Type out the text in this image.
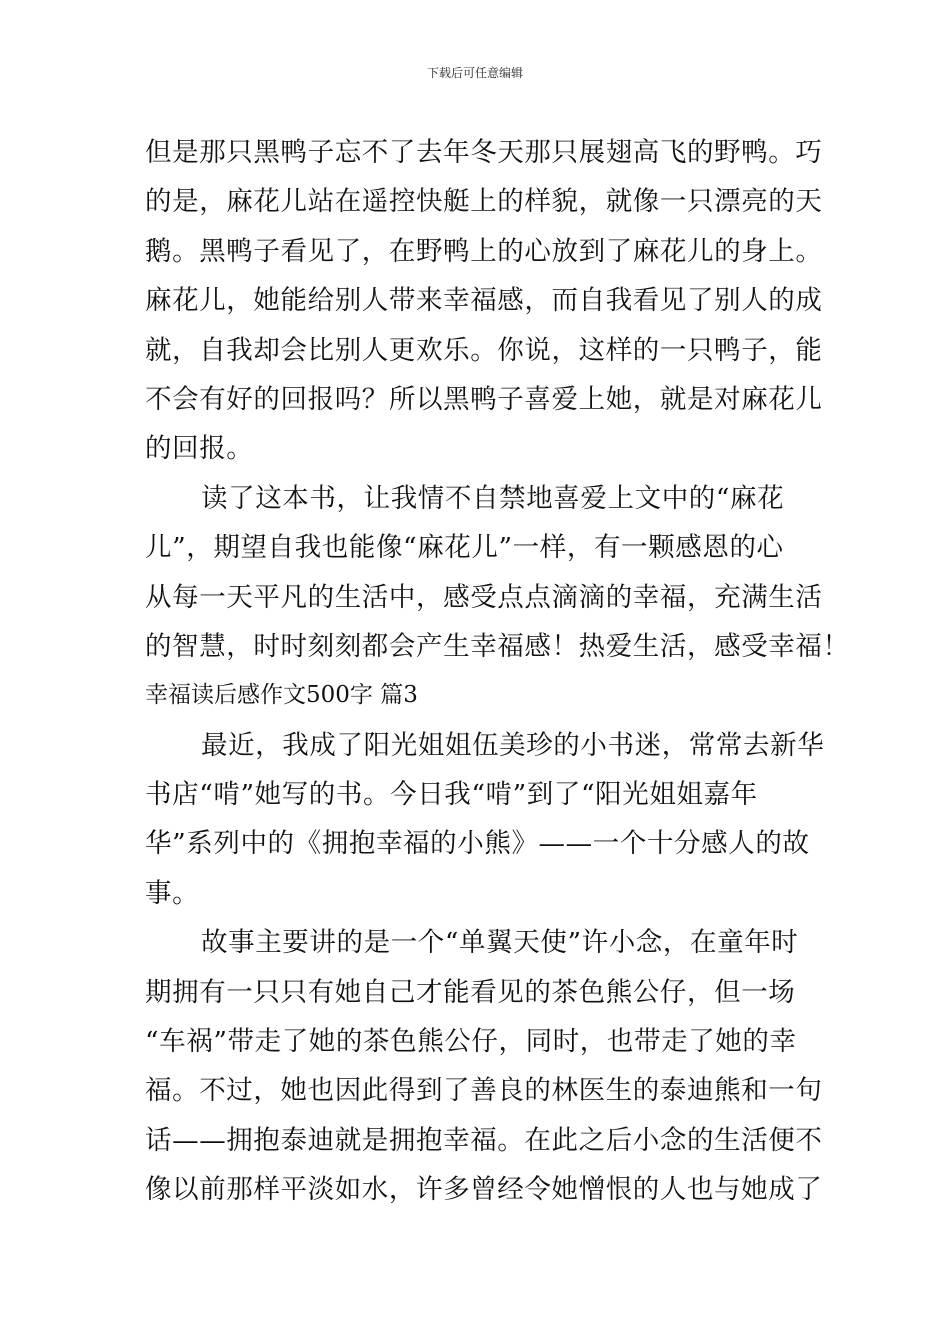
下载后可任意编辑
但是那只黑鸭子忘不了去年冬天那只展翅高飞的野鸭。巧
的是，麻花儿站在遥控快艇上的样貌，就像一只漂亮的天
鹅。黑鸭子看见了，在野鸭上的心放到了麻花儿的身上。
麻花儿，她能给别人带来幸福感，而自我看见了别人的成
就，自我却会比别人更欢乐。你说，这样的一只鸭子，能
不会有好的回报吗？所以黑鸭子喜爱上她，就是对麻花儿
的回报。
读了这本书，让我情不自禁地喜爱上文中的“麻花
儿”，期望自我也能像“麻花儿”一样，有一颗感恩的心
从每一天平凡的生活中，感受点点滴滴的幸福，充满生活
的智慧，时时刻刻都会产生幸福感！热爱生活，感受幸福！
幸福读后感作文500字 篇3
最近，我成了阳光姐姐伍美珍的小书迷，常常去新华
书店“啃”她写的书。今日我“啃”到了“阳光姐姐嘉年
华”系列中的《拥抱幸福的小熊》——一个十分感人的故
事。
故事主要讲的是一个“单翼天使”许小念，在童年时
期拥有一只只有她自己才能看见的茶色熊公仔，但一场
“车祸”带走了她的茶色熊公仔，同时，也带走了她的幸
福。不过，她也因此得到了善良的林医生的泰迪熊和一句
话——拥抱泰迪就是拥抱幸福。在此之后小念的生活便不
像以前那样平淡如水，许多曾经令她憎恨的人也与她成了
